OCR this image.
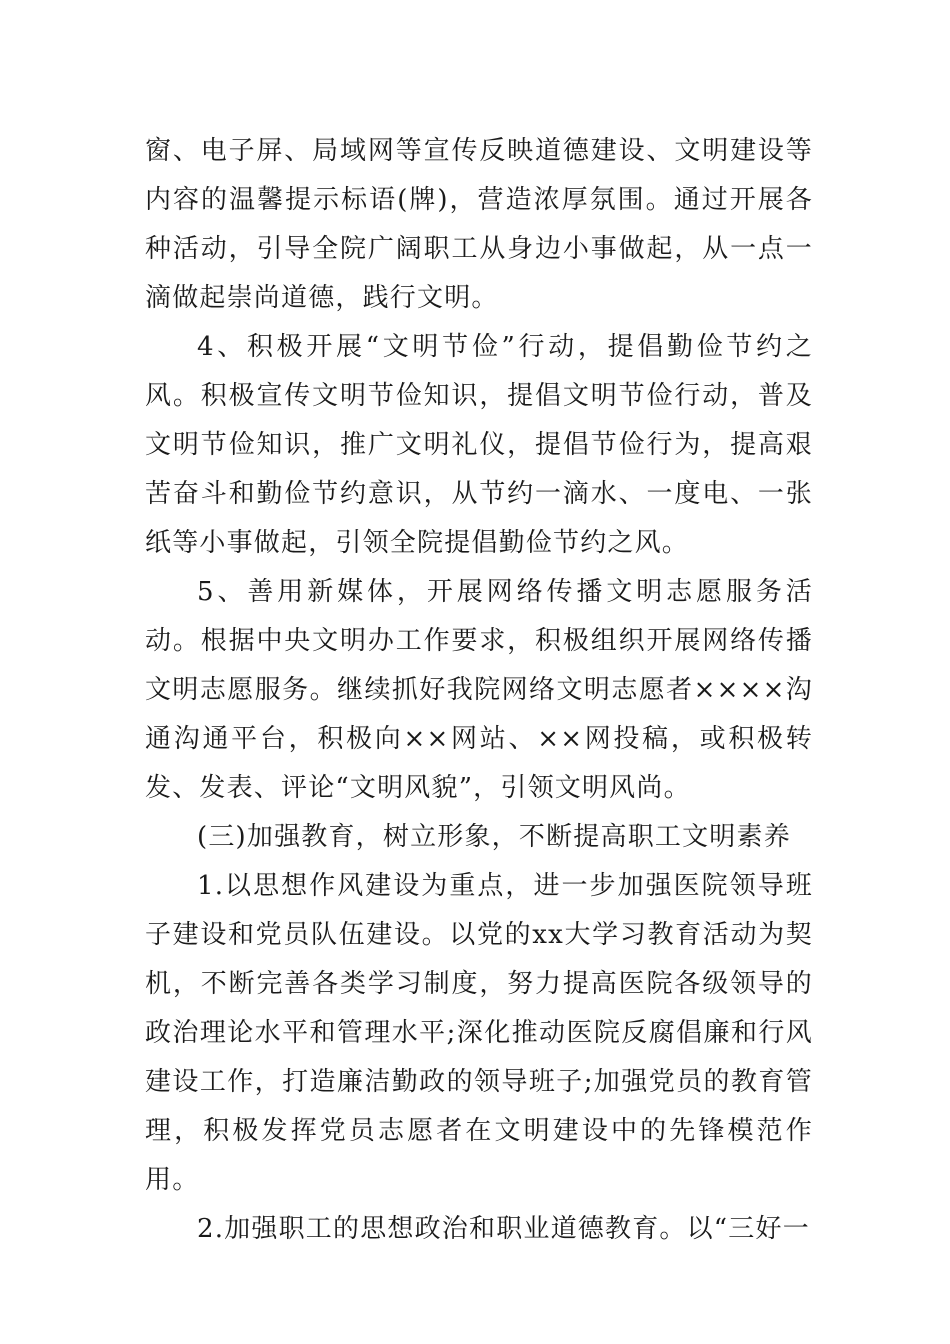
窗、电子屏、局域网等宣传反映道德建设、文明建设等内容的温馨提示标语(牌)，营造浓厚氛围。通过开展各种活动，引导全院广阔职工从身边小事做起，从一点一滴做起崇尚道德，践行文明。

4、积极开展“文明节俭”行动，提倡勤俭节约之风。积极宣传文明节俭知识，提倡文明节俭行动，普及文明节俭知识，推广文明礼仪，提倡节俭行为，提高艰苦奋斗和勤俭节约意识，从节约一滴水、一度电、一张纸等小事做起，引领全院提倡勤俭节约之风。

5、善用新媒体，开展网络传播文明志愿服务活动。根据中央文明办工作要求，积极组织开展网络传播文明志愿服务。继续抓好我院网络文明志愿者××××沟通沟通平台，积极向××网站、××网投稿，或积极转发、发表、评论“文明风貌”，引领文明风尚。

(三)加强教育，树立形象，不断提高职工文明素养

1.以思想作风建设为重点，进一步加强医院领导班子建设和党员队伍建设。以党的xx大学习教育活动为契机，不断完善各类学习制度，努力提高医院各级领导的政治理论水平和管理水平;深化推动医院反腐倡廉和行风建设工作，打造廉洁勤政的领导班子;加强党员的教育管理，积极发挥党员志愿者在文明建设中的先锋模范作用。

2.加强职工的思想政治和职业道德教育。以“三好一
